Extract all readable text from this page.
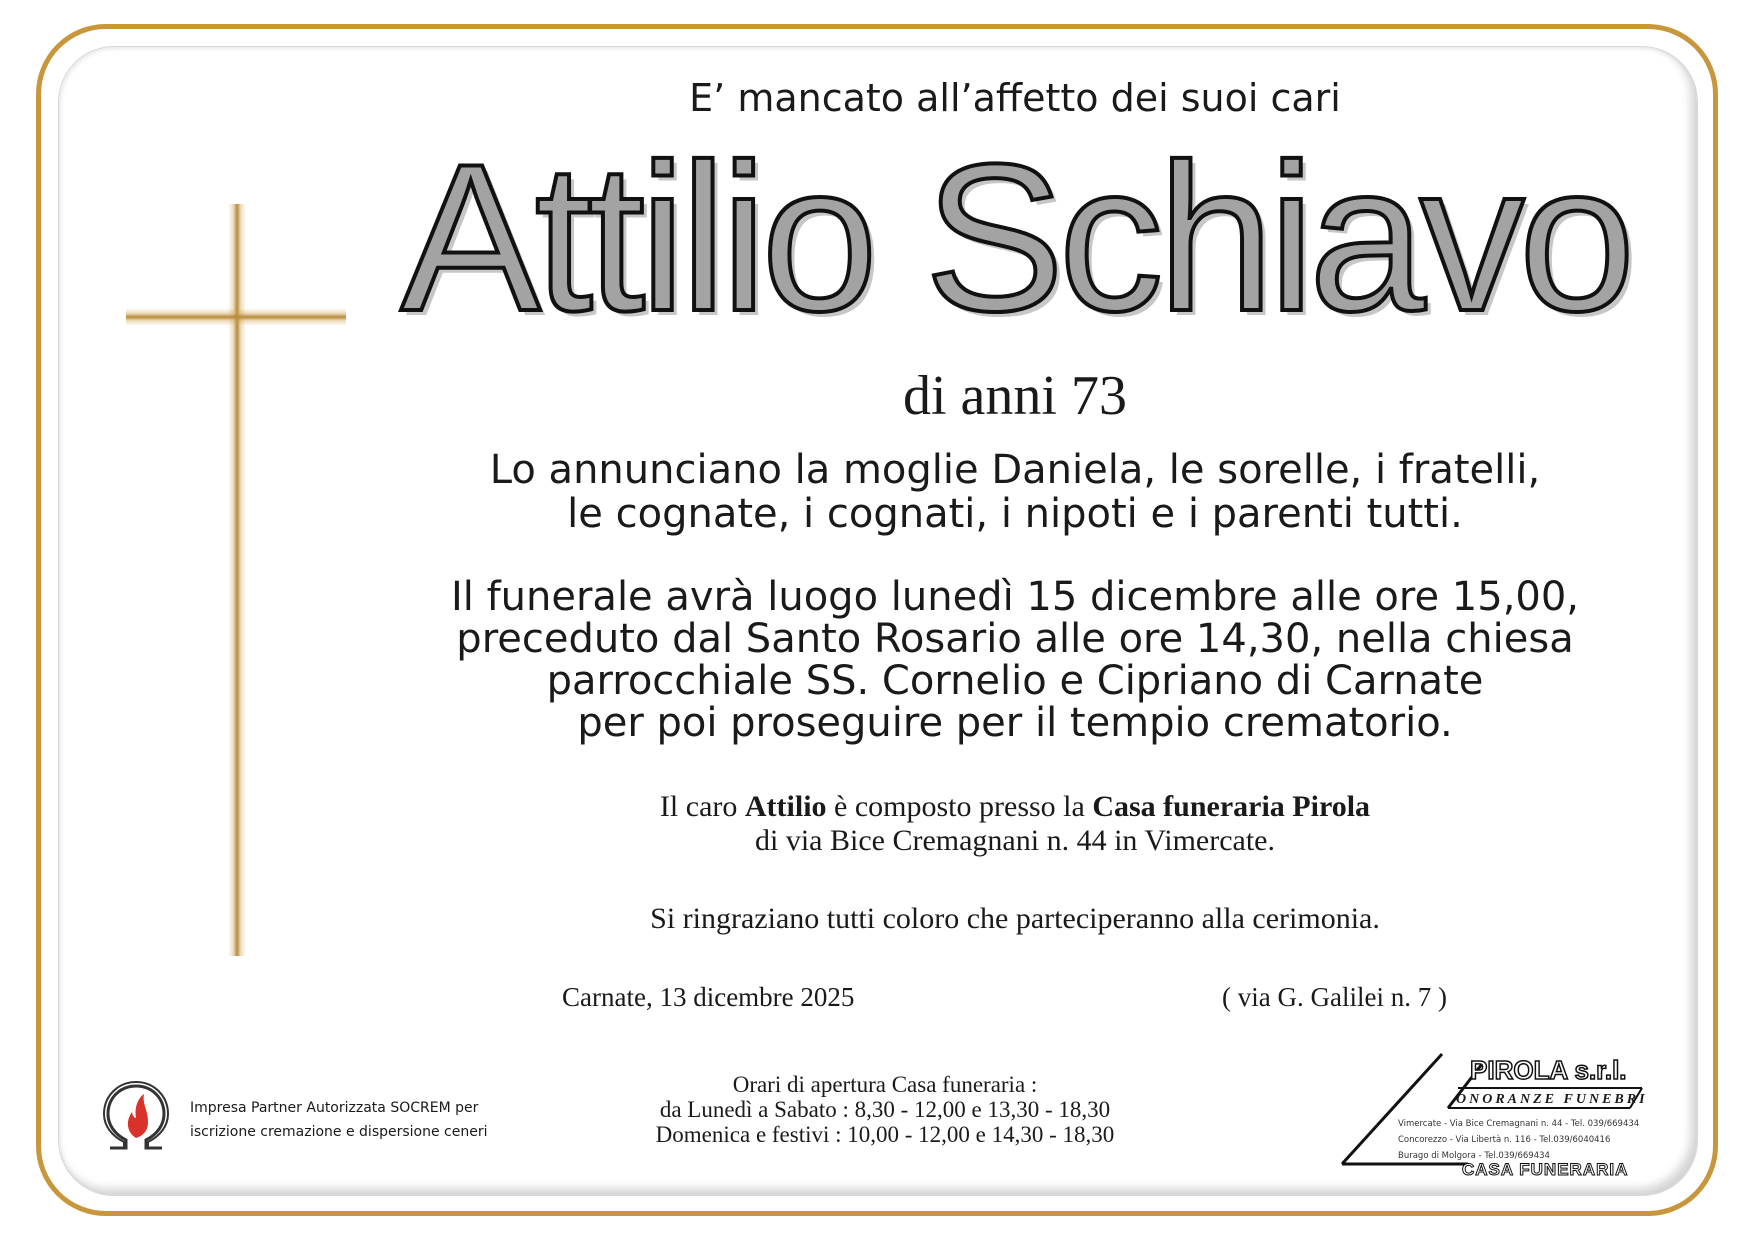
E’ mancato all’affetto dei suoi cari
Attilio Schiavo
di anni 73
Lo annunciano la moglie Daniela, le sorelle, i fratelli,
le cognate, i cognati, i nipoti e i parenti tutti.
Il funerale avrà luogo lunedì 15 dicembre alle ore 15,00,
preceduto dal Santo Rosario alle ore 14,30, nella chiesa
parrocchiale SS. Cornelio e Cipriano di Carnate
per poi proseguire per il tempio crematorio.
Il caro Attilio è composto presso la Casa funeraria Pirola
di via Bice Cremagnani n. 44 in Vimercate.
Si ringraziano tutti coloro che parteciperanno alla cerimonia.
Carnate, 13 dicembre 2025	( via G. Galilei n. 7 )
Orari di apertura Casa funeraria :
da Lunedì a Sabato : 8,30 - 12,00 e 13,30 - 18,30
Domenica e festivi : 10,00 - 12,00 e 14,30 - 18,30
Impresa Partner Autorizzata SOCREM per
iscrizione cremazione e dispersione ceneri
PIROLA s.r.l.
ONORANZE FUNEBRI
Vimercate - Via Bice Cremagnani n. 44 - Tel. 039/669434
Concorezzo - Via Libertà n. 116 - Tel.039/6040416
Burago di Molgora - Tel.039/669434
CASA FUNERARIA
